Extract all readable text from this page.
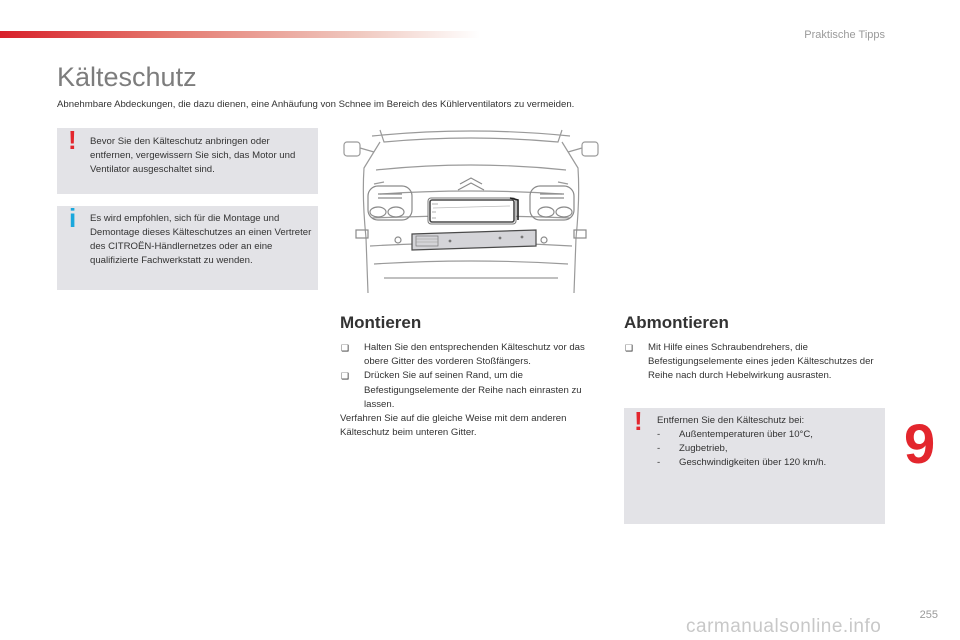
Praktische Tipps
Kälteschutz
Abnehmbare Abdeckungen, die dazu dienen, eine Anhäufung von Schnee im Bereich des Kühlerventilators zu vermeiden.
! Bevor Sie den Kälteschutz anbringen oder entfernen, vergewissern Sie sich, das Motor und Ventilator ausgeschaltet sind.
i Es wird empfohlen, sich für die Montage und Demontage dieses Kälteschutzes an einen Vertreter des CITROËN-Händlernetzes oder an eine qualifizierte Fachwerkstatt zu wenden.
Montieren
❑ Halten Sie den entsprechenden Kälteschutz vor das obere Gitter des vorderen Stoßfängers.
❑ Drücken Sie auf seinen Rand, um die Befestigungselemente der Reihe nach einrasten zu lassen.
Verfahren Sie auf die gleiche Weise mit dem anderen Kälteschutz beim unteren Gitter.
Abmontieren
❑ Mit Hilfe eines Schraubendrehers, die Befestigungselemente eines jeden Kälteschutzes der Reihe nach durch Hebelwirkung ausrasten.
! Entfernen Sie den Kälteschutz bei:
- Außentemperaturen über 10°C,
- Zugbetrieb,
- Geschwindigkeiten über 120 km/h.	9
255
carmanualsonline.info
